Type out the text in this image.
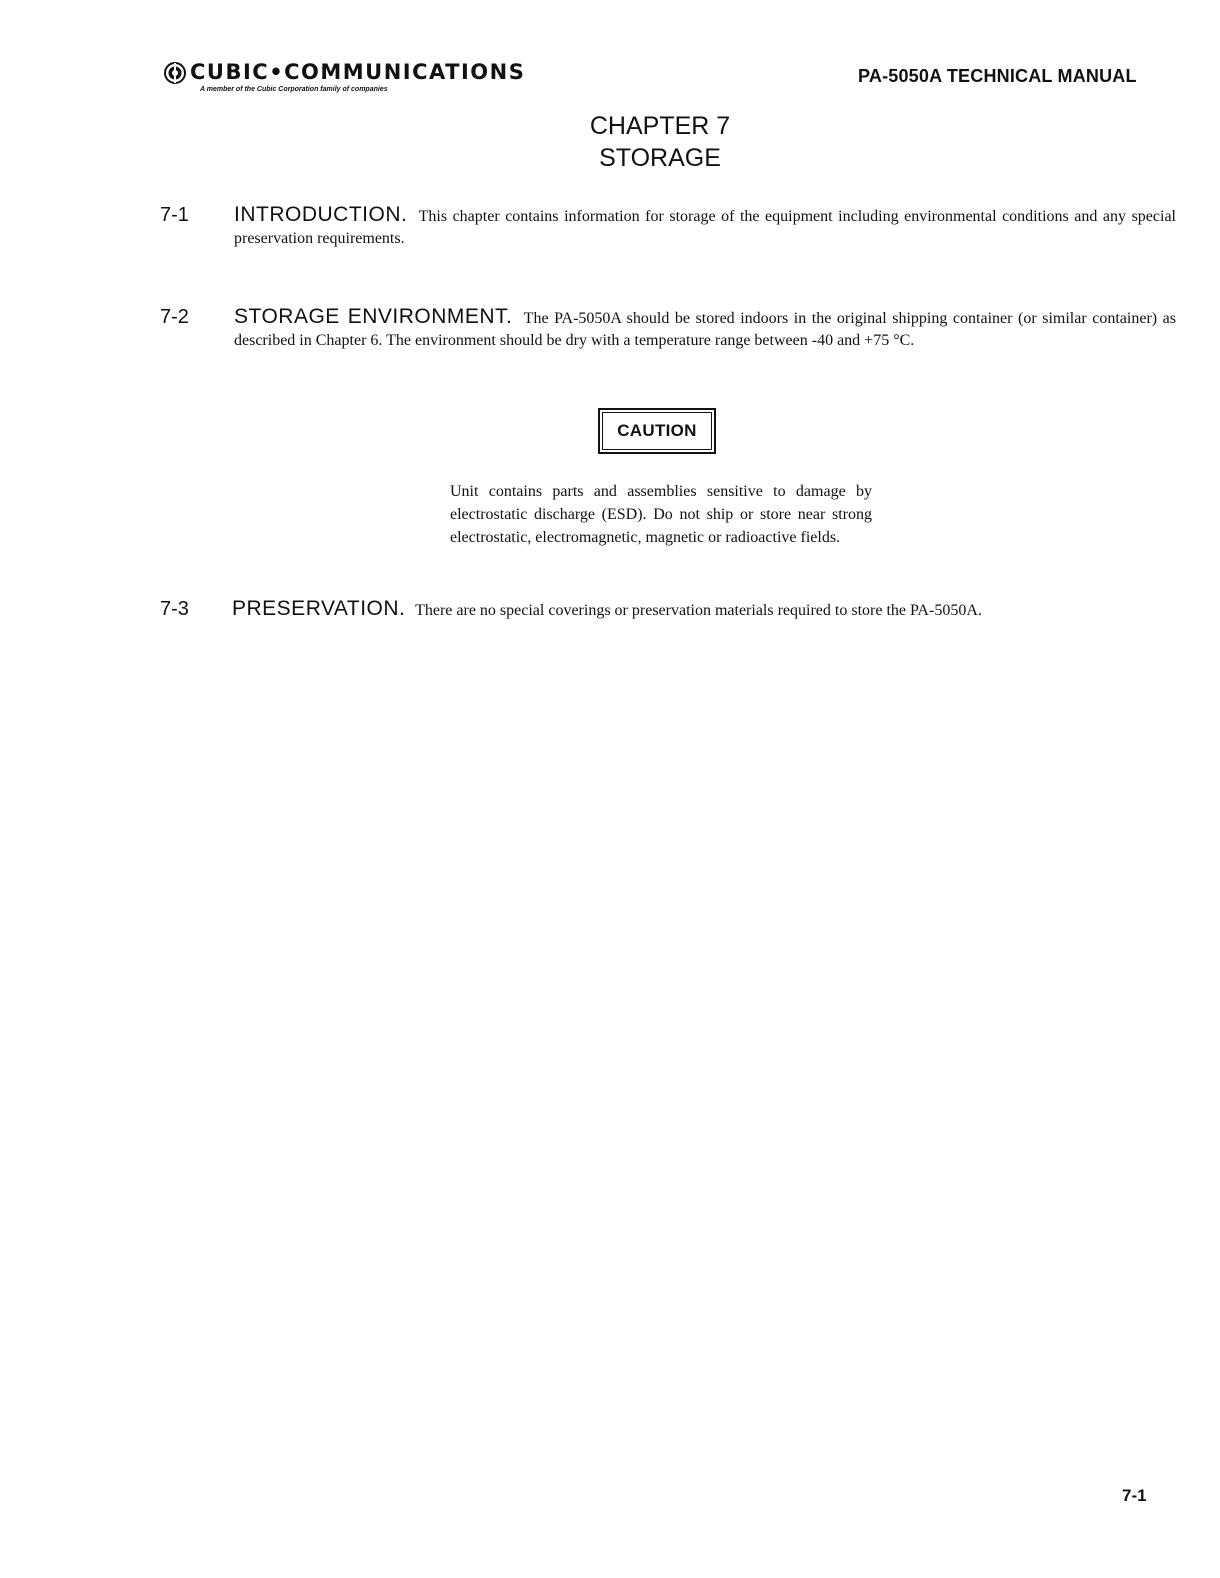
CUBIC•COMMUNICATIONS
A member of the Cubic Corporation family of companies
PA-5050A TECHNICAL MANUAL
CHAPTER 7
STORAGE
7-1 INTRODUCTION. This chapter contains information for storage of the equipment including environmental conditions and any special preservation requirements.
7-2 STORAGE ENVIRONMENT. The PA-5050A should be stored indoors in the original shipping container (or similar container) as described in Chapter 6. The environment should be dry with a temperature range between -40 and +75 °C.
CAUTION
Unit contains parts and assemblies sensitive to damage by electrostatic discharge (ESD). Do not ship or store near strong electrostatic, electromagnetic, magnetic or radioactive fields.
7-3 PRESERVATION. There are no special coverings or preservation materials required to store the PA-5050A.
7-1
